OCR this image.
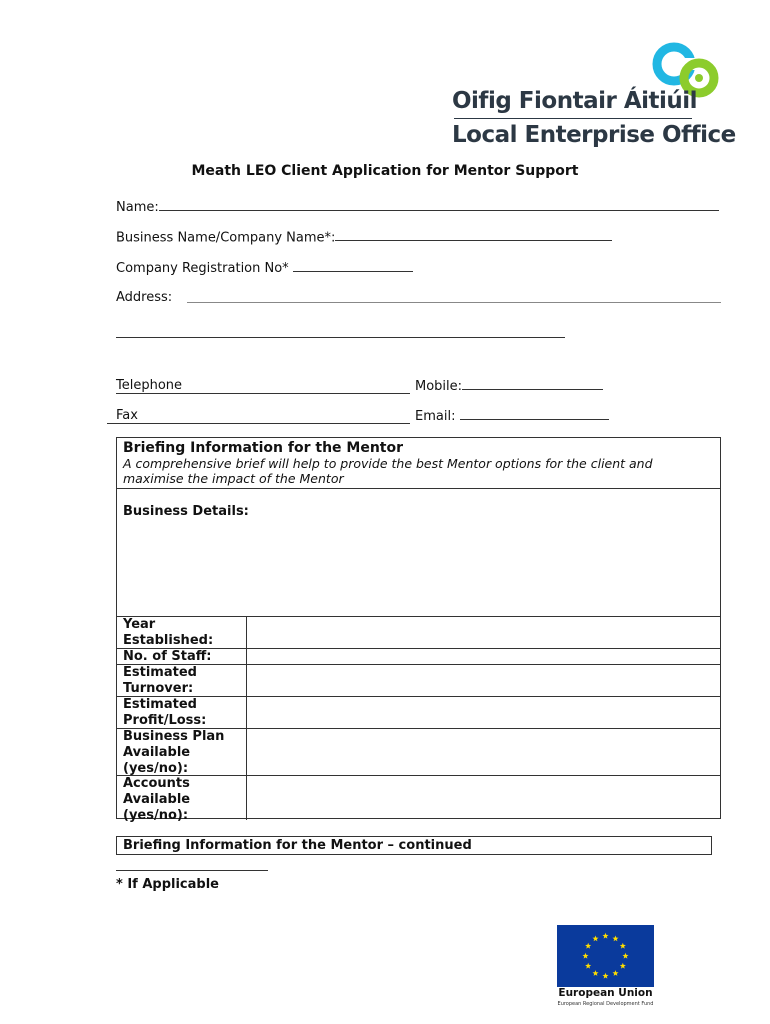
Oifig Fiontair Áitiúil
Local Enterprise Office
Meath LEO Client Application for Mentor Support
Name:
Business Name/Company Name*:
Company Registration No*
Address:
Telephone	Mobile:
Fax	Email:
Briefing Information for the Mentor
A comprehensive brief will help to provide the best Mentor options for the client and maximise the impact of the Mentor
Business Details:
Year Established:
No. of Staff:
Estimated Turnover:
Estimated Profit/Loss:
Business Plan Available (yes/no):
Accounts Available (yes/no):
Briefing Information for the Mentor – continued
* If Applicable
European Union
European Regional Development Fund
